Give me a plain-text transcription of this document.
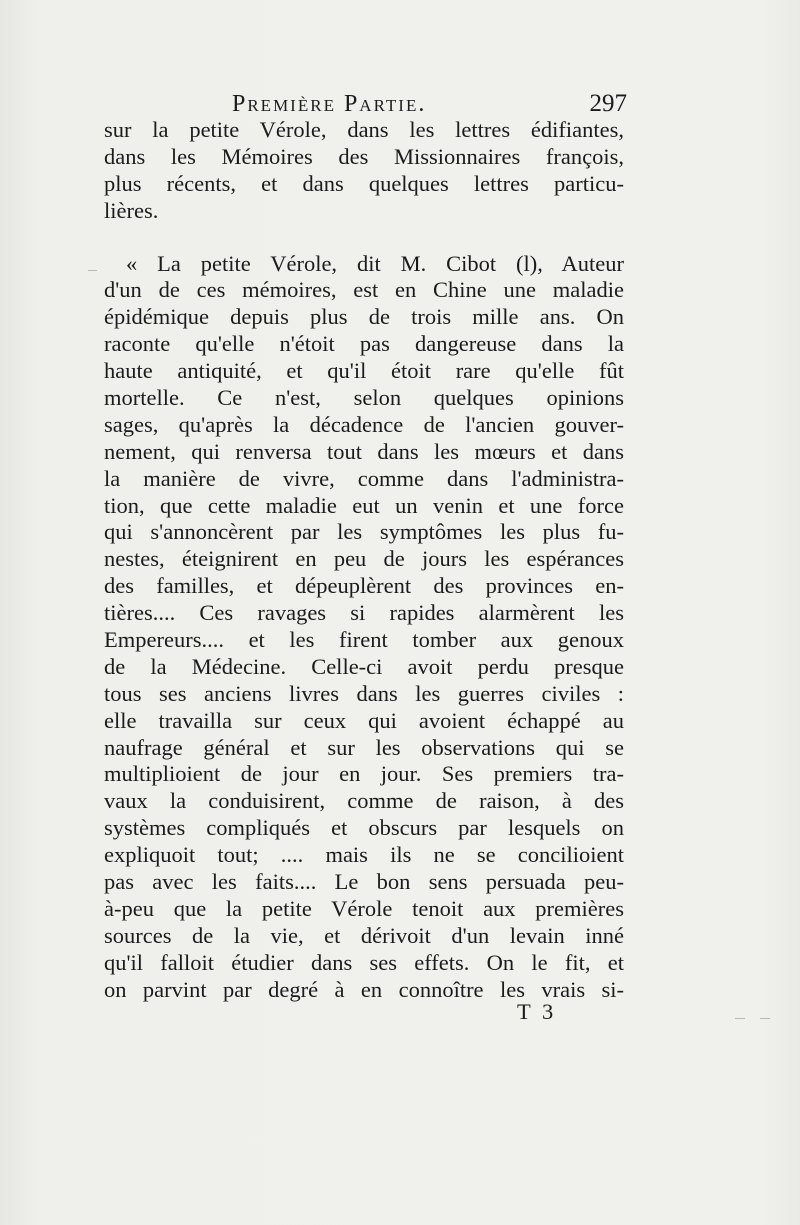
Première Partie.	297
sur la petite Vérole, dans les lettres édifiantes,
dans les Mémoires des Missionnaires françois,
plus récents, et dans quelques lettres particu-
lières.
« La petite Vérole, dit M. Cibot (l), Auteur
d'un de ces mémoires, est en Chine une maladie
épidémique depuis plus de trois mille ans. On
raconte qu'elle n'étoit pas dangereuse dans la
haute antiquité, et qu'il étoit rare qu'elle fût
mortelle. Ce n'est, selon quelques opinions
sages, qu'après la décadence de l'ancien gouver-
nement, qui renversa tout dans les mœurs et dans
la manière de vivre, comme dans l'administra-
tion, que cette maladie eut un venin et une force
qui s'annoncèrent par les symptômes les plus fu-
nestes, éteignirent en peu de jours les espérances
des familles, et dépeuplèrent des provinces en-
tières.... Ces ravages si rapides alarmèrent les
Empereurs.... et les firent tomber aux genoux
de la Médecine. Celle-ci avoit perdu presque
tous ses anciens livres dans les guerres civiles :
elle travailla sur ceux qui avoient échappé au
naufrage général et sur les observations qui se
multiplioient de jour en jour. Ses premiers tra-
vaux la conduisirent, comme de raison, à des
systèmes compliqués et obscurs par lesquels on
expliquoit tout; .... mais ils ne se concilioient
pas avec les faits.... Le bon sens persuada peu-
à-peu que la petite Vérole tenoit aux premières
sources de la vie, et dérivoit d'un levain inné
qu'il falloit étudier dans ses effets. On le fit, et
on parvint par degré à en connoître les vrais si-
T 3
